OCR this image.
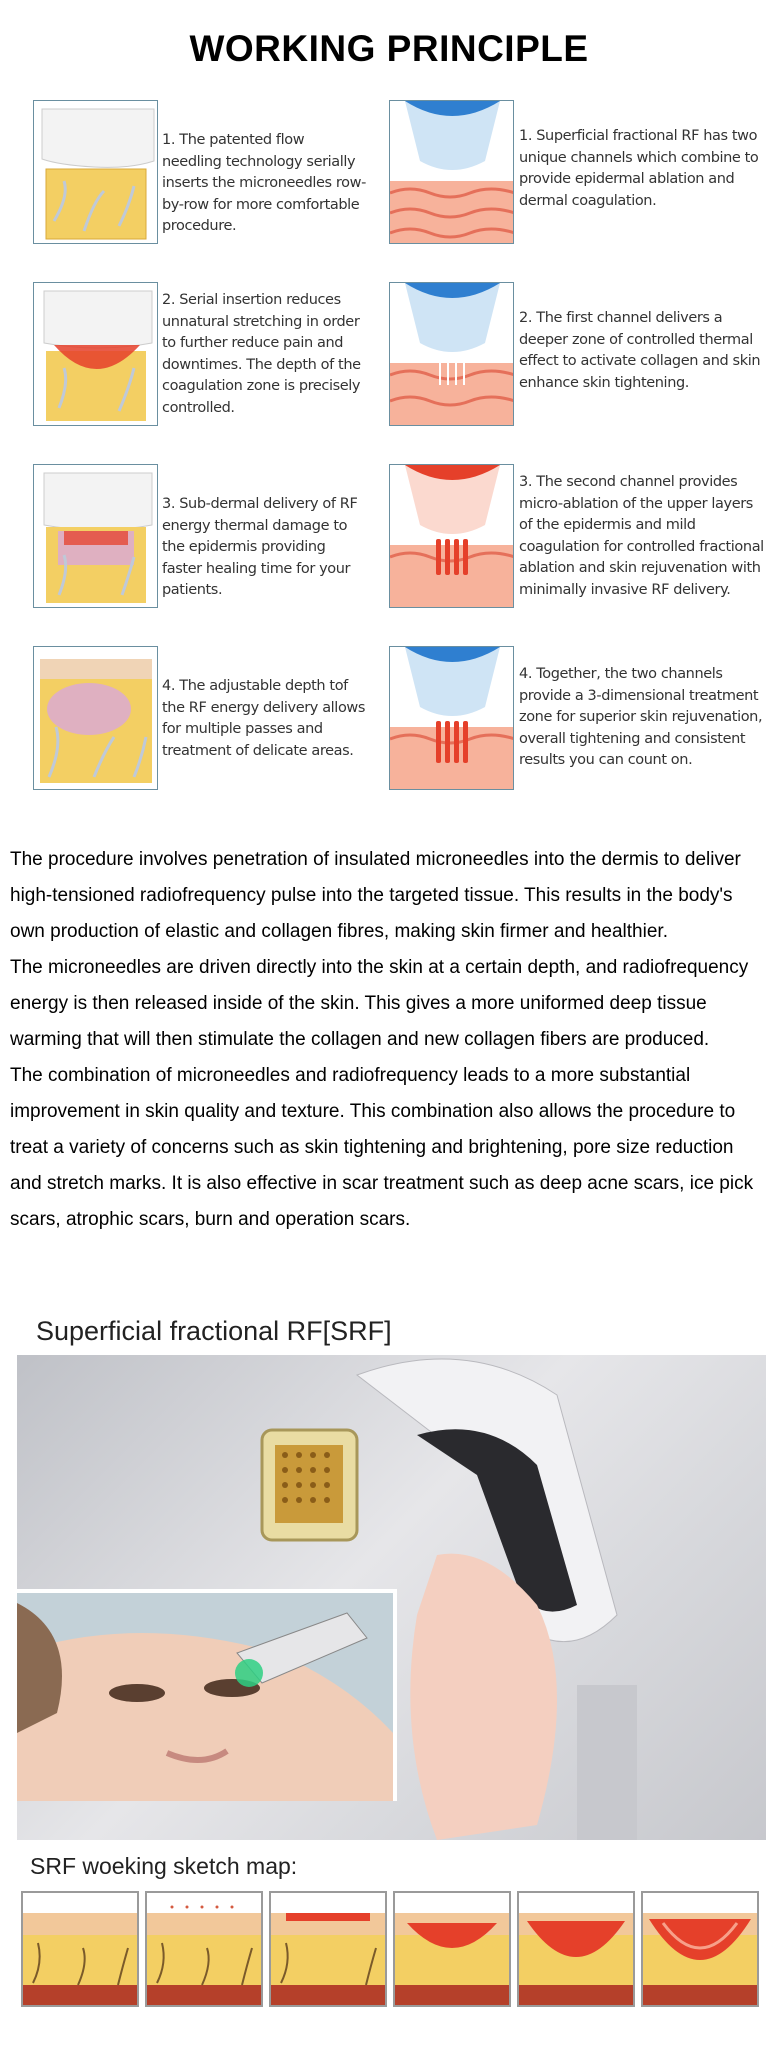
WORKING PRINCIPLE
1. The patented flow needling technology serially inserts the microneedles row-by-row for more comfortable procedure.
2. Serial insertion reduces unnatural stretching in order to further reduce pain and downtimes. The depth of the coagulation zone is precisely controlled.
3. Sub-dermal delivery of RF energy thermal damage to the epidermis providing faster healing time for your patients.
4. The adjustable depth tof the RF energy delivery allows for multiple passes and treatment of delicate areas.
1. Superficial fractional RF has two unique channels which combine to provide epidermal ablation and dermal coagulation.
2. The first channel delivers a deeper zone of controlled thermal effect to activate collagen and skin enhance skin tightening.
3. The second channel provides micro-ablation of the upper layers of the epidermis and mild coagulation for controlled fractional ablation and skin rejuvenation with minimally invasive RF delivery.
4. Together, the two channels provide a 3-dimensional treatment zone for superior skin rejuvenation, overall tightening and consistent results you can count on.
The procedure involves penetration of insulated microneedles into the dermis to deliver high-tensioned radiofrequency pulse into the targeted tissue. This results in the body's own production of elastic and collagen fibres, making skin firmer and healthier.
The microneedles are driven directly into the skin at a certain depth, and radiofrequency energy is then released inside of the skin. This gives a more uniformed deep tissue warming that will then stimulate the collagen and new collagen fibers are produced.
The combination of microneedles and radiofrequency leads to a more substantial improvement in skin quality and texture. This combination also allows the procedure to treat a variety of concerns such as skin tightening and brightening, pore size reduction and stretch marks. It is also effective in scar treatment such as deep acne scars, ice pick scars, atrophic scars, burn and operation scars.
Superficial fractional RF[SRF]
SRF woeking sketch map:
